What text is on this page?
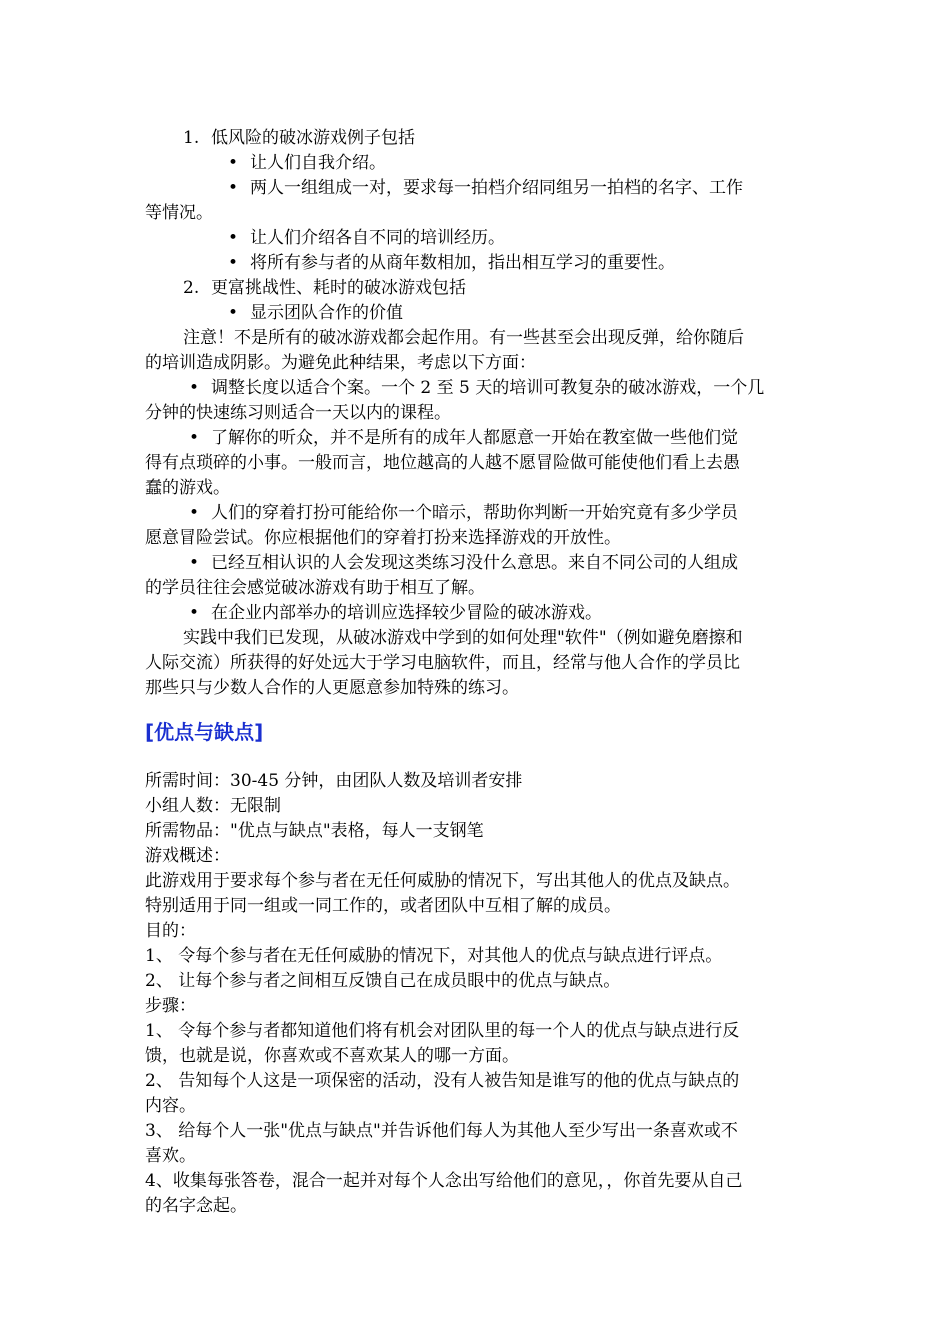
1. 低风险的破冰游戏例子包括
• 让人们自我介绍。
• 两人一组组成一对，要求每一拍档介绍同组另一拍档的名字、工作
等情况。
• 让人们介绍各自不同的培训经历。
• 将所有参与者的从商年数相加，指出相互学习的重要性。
2. 更富挑战性、耗时的破冰游戏包括
• 显示团队合作的价值
注意！不是所有的破冰游戏都会起作用。有一些甚至会出现反弹，给你随后
的培训造成阴影。为避免此种结果，考虑以下方面：
• 调整长度以适合个案。一个 2 至 5 天的培训可教复杂的破冰游戏，一个几
分钟的快速练习则适合一天以内的课程。
• 了解你的听众，并不是所有的成年人都愿意一开始在教室做一些他们觉
得有点琐碎的小事。一般而言，地位越高的人越不愿冒险做可能使他们看上去愚
蠢的游戏。
• 人们的穿着打扮可能给你一个暗示，帮助你判断一开始究竟有多少学员
愿意冒险尝试。你应根据他们的穿着打扮来选择游戏的开放性。
• 已经互相认识的人会发现这类练习没什么意思。来自不同公司的人组成
的学员往往会感觉破冰游戏有助于相互了解。
• 在企业内部举办的培训应选择较少冒险的破冰游戏。
实践中我们已发现，从破冰游戏中学到的如何处理"软件"（例如避免磨擦和
人际交流）所获得的好处远大于学习电脑软件，而且，经常与他人合作的学员比
那些只与少数人合作的人更愿意参加特殊的练习。
[优点与缺点]
所需时间：30-45 分钟，由团队人数及培训者安排
小组人数：无限制
所需物品："优点与缺点"表格，每人一支钢笔
游戏概述：
此游戏用于要求每个参与者在无任何威胁的情况下，写出其他人的优点及缺点。
特别适用于同一组或一同工作的，或者团队中互相了解的成员。
目的：
1、 令每个参与者在无任何威胁的情况下，对其他人的优点与缺点进行评点。
2、 让每个参与者之间相互反馈自己在成员眼中的优点与缺点。
步骤：
1、 令每个参与者都知道他们将有机会对团队里的每一个人的优点与缺点进行反
馈，也就是说，你喜欢或不喜欢某人的哪一方面。
2、 告知每个人这是一项保密的活动，没有人被告知是谁写的他的优点与缺点的
内容。
3、 给每个人一张"优点与缺点"并告诉他们每人为其他人至少写出一条喜欢或不
喜欢。
4、收集每张答卷，混合一起并对每个人念出写给他们的意见，，你首先要从自己
的名字念起。
